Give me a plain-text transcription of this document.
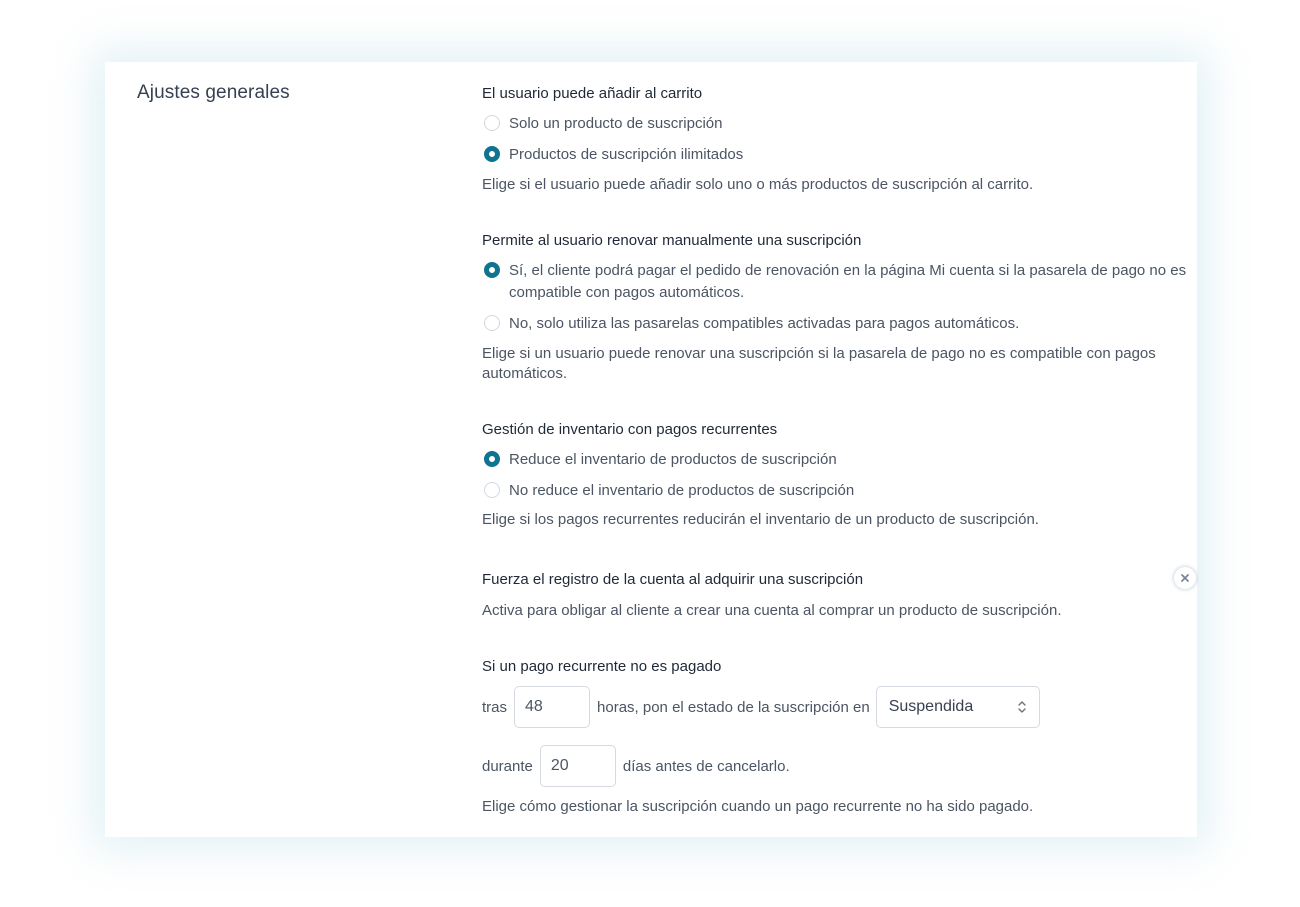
Ajustes generales	El usuario puede añadir al carrito
Solo un producto de suscripción
Productos de suscripción ilimitados
Elige si el usuario puede añadir solo uno o más productos de suscripción al carrito.
Permite al usuario renovar manualmente una suscripción
Sí, el cliente podrá pagar el pedido de renovación en la página Mi cuenta si la pasarela de pago no es compatible con pagos automáticos.
No, solo utiliza las pasarelas compatibles activadas para pagos automáticos.
Elige si un usuario puede renovar una suscripción si la pasarela de pago no es compatible con pagos automáticos.
Gestión de inventario con pagos recurrentes
Reduce el inventario de productos de suscripción
No reduce el inventario de productos de suscripción
Elige si los pagos recurrentes reducirán el inventario de un producto de suscripción.
Fuerza el registro de la cuenta al adquirir una suscripción
Activa para obligar al cliente a crear una cuenta al comprar un producto de suscripción.
Si un pago recurrente no es pagado
tras
48	horas, pon el estado de la suscripción en Suspendida
durante
20	días antes de cancelarlo.
Elige cómo gestionar la suscripción cuando un pago recurrente no ha sido pagado.
